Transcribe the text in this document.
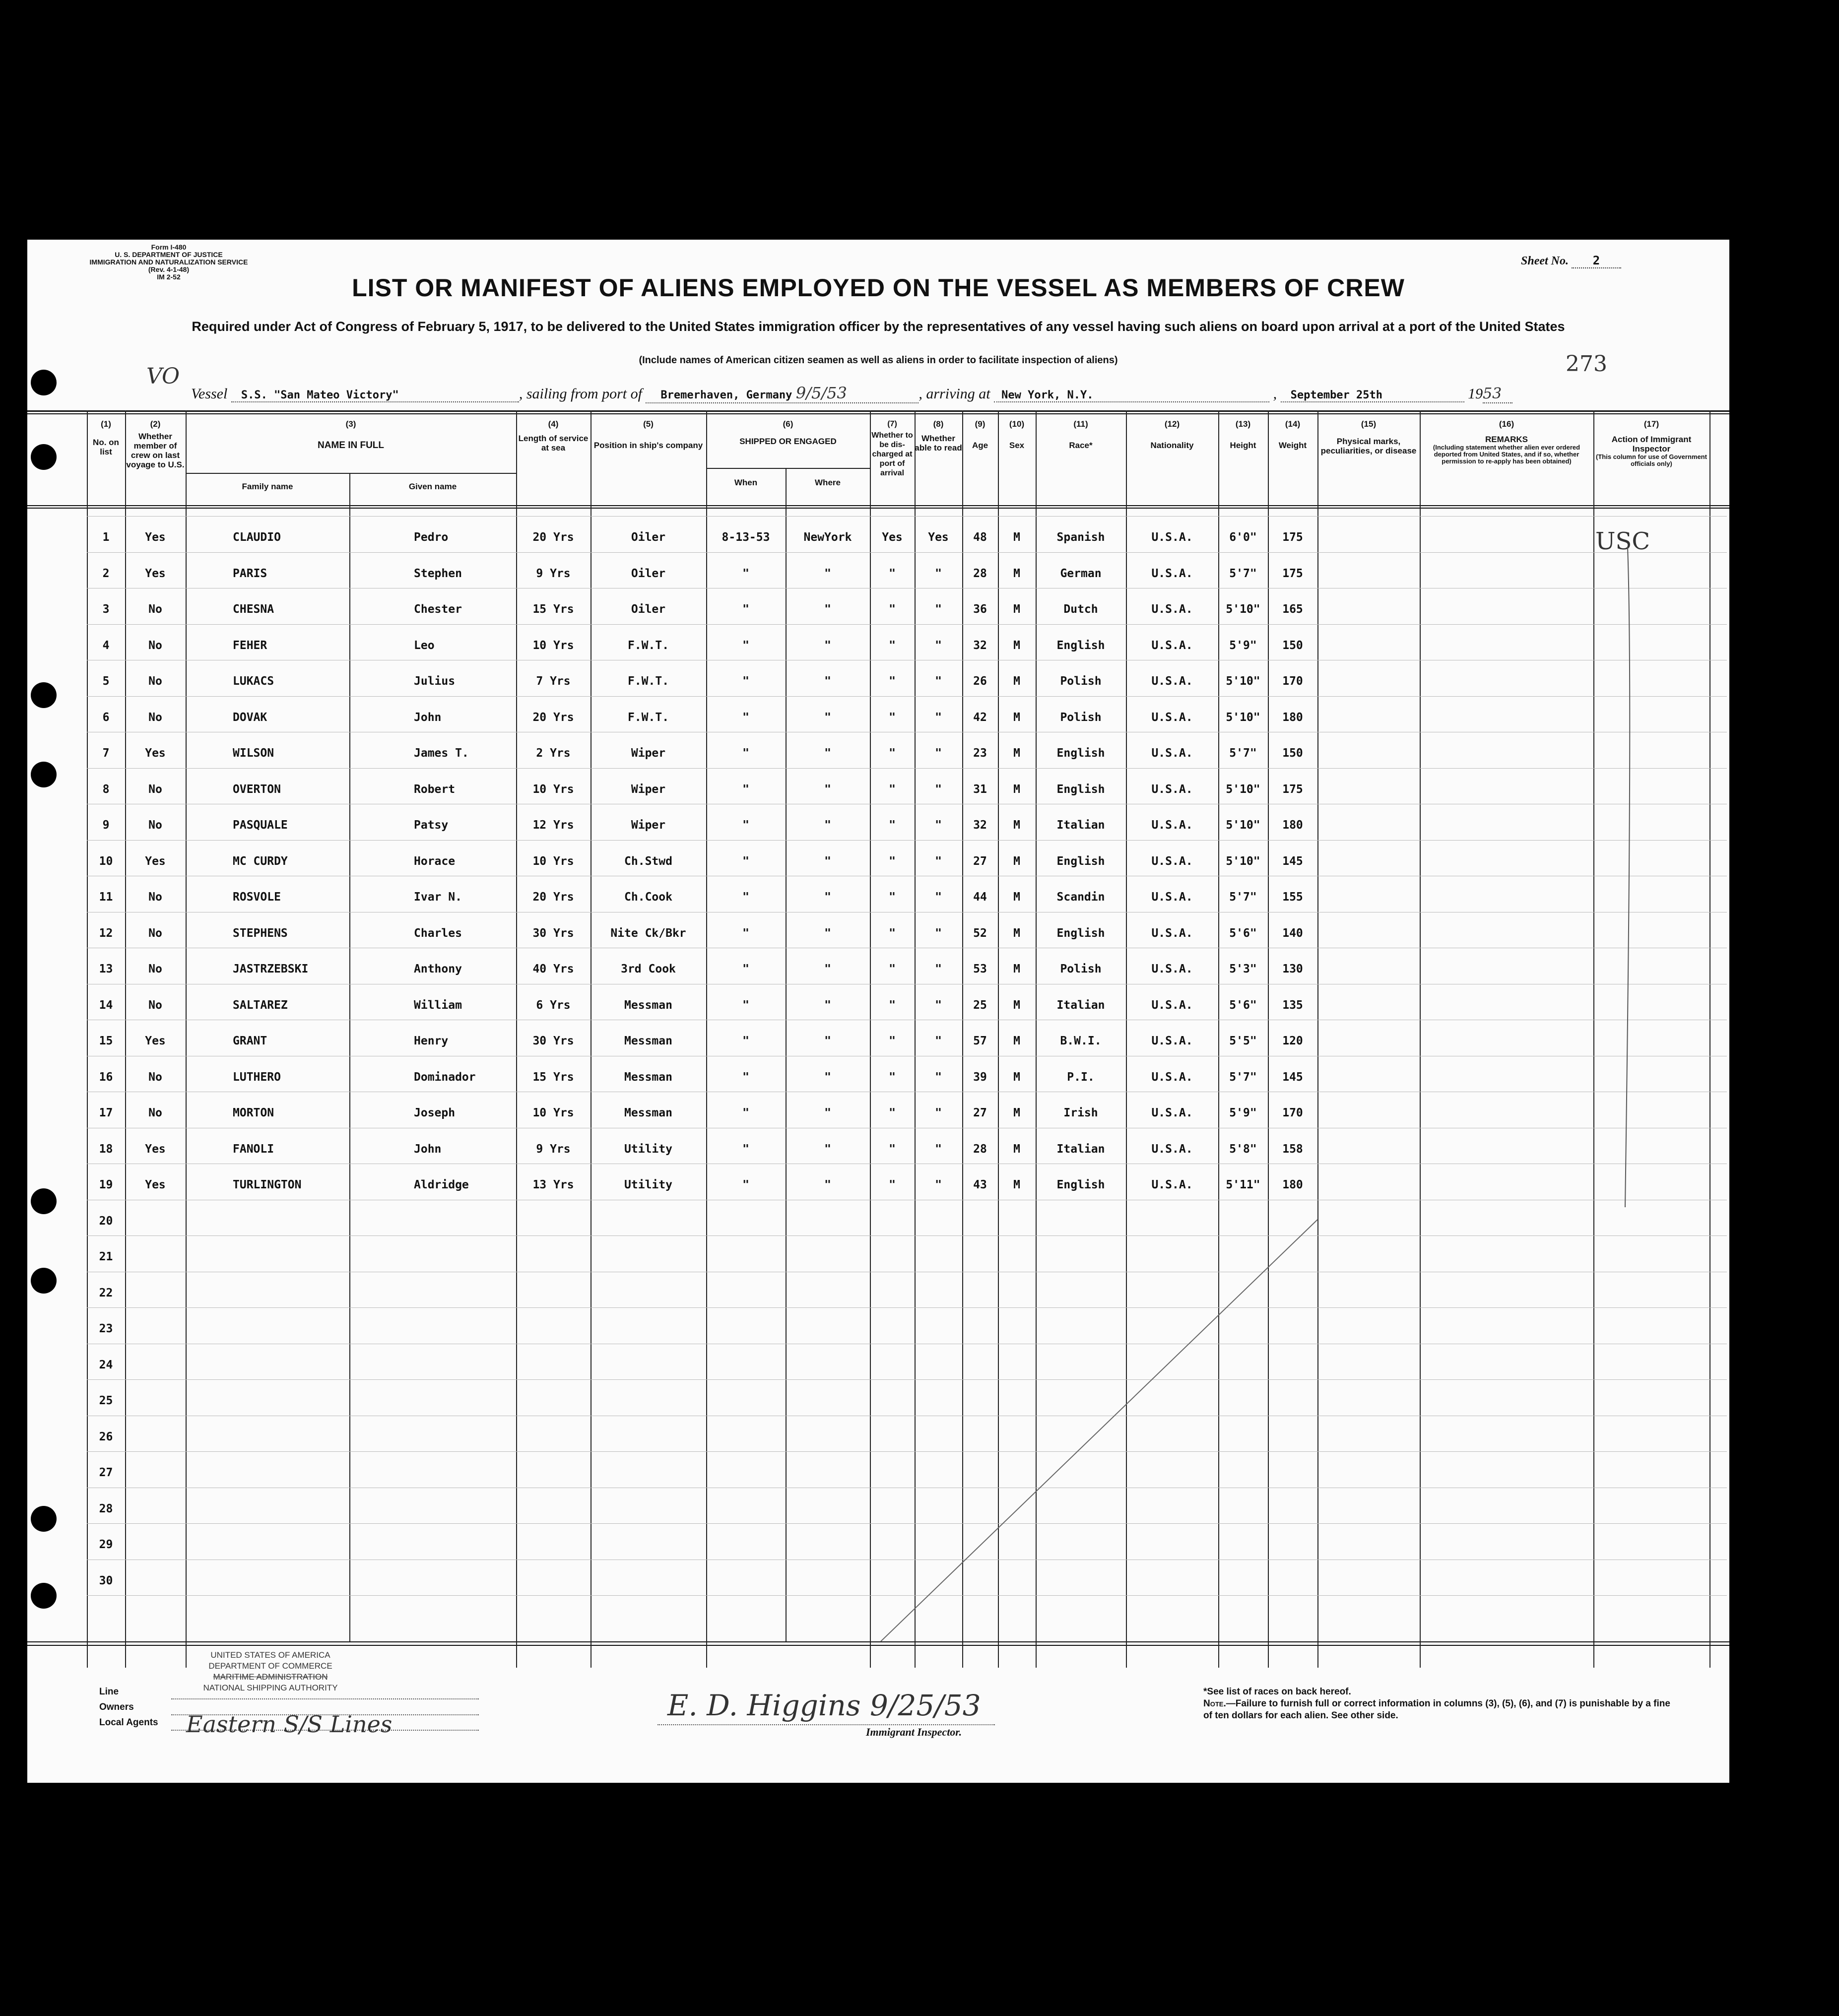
Form I-480
U. S. DEPARTMENT OF JUSTICE
IMMIGRATION AND NATURALIZATION SERVICE
(Rev. 4-1-48)
IM 2-52
Sheet No. 2
LIST OR MANIFEST OF ALIENS EMPLOYED ON THE VESSEL AS MEMBERS OF CREW
Required under Act of Congress of February 5, 1917, to be delivered to the United States immigration officer by the representatives of any vessel having such aliens on board upon arrival at a port of the United States
(Include names of American citizen seamen as well as aliens in order to facilitate inspection of aliens)	273
VO
Vessel S.S. "San Mateo Victory"	, sailing from port of Bremerhaven, Germany 9/5/53	, arriving at New York, N.Y.	, September 25th	1953
(1)
No. on list
(2)
Whether member of crew on last voyage to U.S.
(3)
NAME IN FULL
Family name	Given name
(4)
Length of service at sea
(5)
Position in ship's company
(6)
SHIPPED OR ENGAGED
When	Where
(7)
Whether to be dis-charged at port of arrival
(8)
Whether able to read
(9)
Age
(10)
Sex
(11)
Race*
(12)
Nationality
(13)
Height
(14)
Weight
(15)
Physical marks, peculiarities, or disease
(16)
REMARKS
(Including statement whether alien ever ordered deported from United States, and if so, whether permission to re-apply has been obtained)
(17)
Action of Immigrant Inspector
(This column for use of Government officials only)
1	Yes	CLAUDIO	Pedro	20 Yrs	Oiler	8-13-53	NewYork	Yes	Yes	48	M	Spanish	U.S.A.	6'0"	175
2	Yes	PARIS	Stephen	9 Yrs	Oiler	"	"	"	"	28	M	German	U.S.A.	5'7"	175
3	No	CHESNA	Chester	15 Yrs	Oiler	"	"	"	"	36	M	Dutch	U.S.A.	5'10"	165
4	No	FEHER	Leo	10 Yrs	F.W.T.	"	"	"	"	32	M	English	U.S.A.	5'9"	150
5	No	LUKACS	Julius	7 Yrs	F.W.T.	"	"	"	"	26	M	Polish	U.S.A.	5'10"	170
6	No	DOVAK	John	20 Yrs	F.W.T.	"	"	"	"	42	M	Polish	U.S.A.	5'10"	180
7	Yes	WILSON	James T.	2 Yrs	Wiper	"	"	"	"	23	M	English	U.S.A.	5'7"	150
8	No	OVERTON	Robert	10 Yrs	Wiper	"	"	"	"	31	M	English	U.S.A.	5'10"	175
9	No	PASQUALE	Patsy	12 Yrs	Wiper	"	"	"	"	32	M	Italian	U.S.A.	5'10"	180
10	Yes	MC CURDY	Horace	10 Yrs	Ch.Stwd	"	"	"	"	27	M	English	U.S.A.	5'10"	145
11	No	ROSVOLE	Ivar N.	20 Yrs	Ch.Cook	"	"	"	"	44	M	Scandin	U.S.A.	5'7"	155
12	No	STEPHENS	Charles	30 Yrs	Nite Ck/Bkr	"	"	"	"	52	M	English	U.S.A.	5'6"	140
13	No	JASTRZEBSKI	Anthony	40 Yrs	3rd Cook	"	"	"	"	53	M	Polish	U.S.A.	5'3"	130
14	No	SALTAREZ	William	6 Yrs	Messman	"	"	"	"	25	M	Italian	U.S.A.	5'6"	135
15	Yes	GRANT	Henry	30 Yrs	Messman	"	"	"	"	57	M	B.W.I.	U.S.A.	5'5"	120
16	No	LUTHERO	Dominador	15 Yrs	Messman	"	"	"	"	39	M	P.I.	U.S.A.	5'7"	145
17	No	MORTON	Joseph	10 Yrs	Messman	"	"	"	"	27	M	Irish	U.S.A.	5'9"	170
18	Yes	FANOLI	John	9 Yrs	Utility	"	"	"	"	28	M	Italian	U.S.A.	5'8"	158
19	Yes	TURLINGTON	Aldridge	13 Yrs	Utility	"	"	"	"	43	M	English	U.S.A.	5'11"	180
20
21
22
23
24
25
26
27
28
29
30
USC
Line
Owners
Local Agents
UNITED STATES OF AMERICA
DEPARTMENT OF COMMERCE
MARITIME ADMINISTRATION
NATIONAL SHIPPING AUTHORITY
Eastern S/S Lines
E. D. Higgins 9/25/53
Immigrant Inspector.
*See list of races on back hereof.
Note.—Failure to furnish full or correct information in columns (3), (5), (6), and (7) is punishable by a fine of ten dollars for each alien. See other side.
